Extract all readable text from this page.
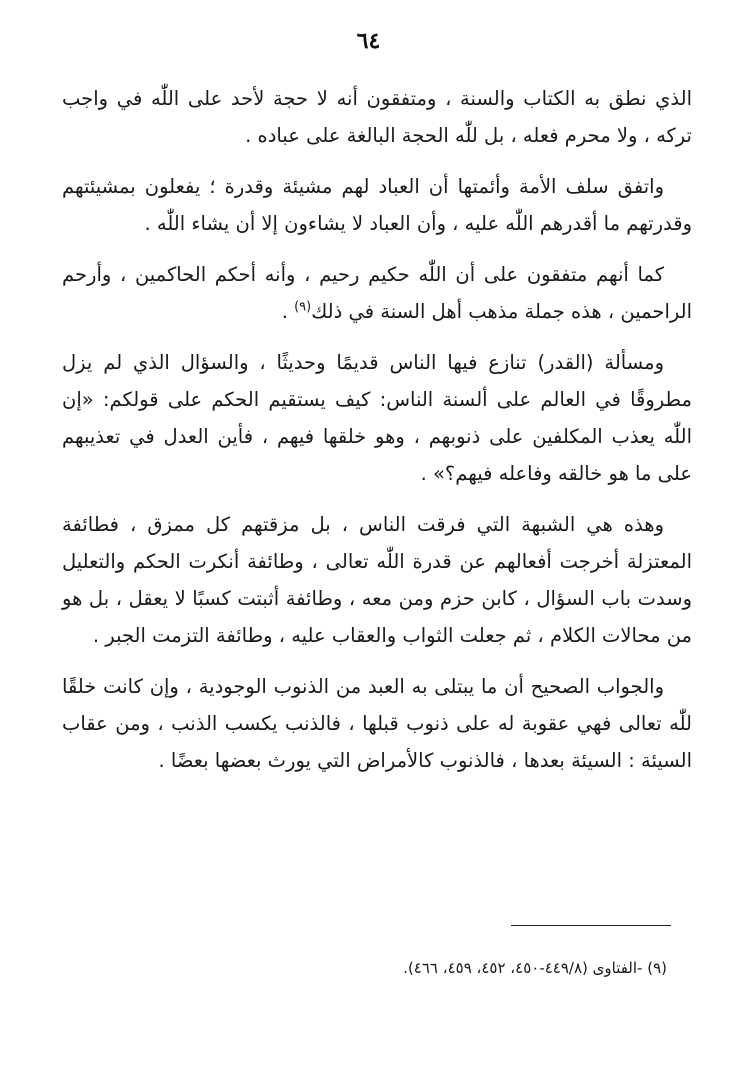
٦٤

الذي نطق به الكتاب والسنة ، ومتفقون أنه لا حجة لأحد على اللّٰه في واجب تركه ، ولا محرم فعله ، بل للّٰه الحجة البالغة على عباده .

واتفق سلف الأمة وأئمتها أن العباد لهم مشيئة وقدرة ؛ يفعلون بمشيئتهم وقدرتهم ما أقدرهم اللّٰه عليه ، وأن العباد لا يشاءون إلا أن يشاء اللّٰه .

كما أنهم متفقون على أن اللّٰه حكيم رحيم ، وأنه أحكم الحاكمين ، وأرحم الراحمين ، هذه جملة مذهب أهل السنة في ذلك$^{(٩)}$ .

ومسألة (القدر) تنازع فيها الناس قديمًا وحديثًا ، والسؤال الذي لم يزل مطروقًا في العالم على ألسنة الناس: كيف يستقيم الحكم على قولكم: «إن اللّٰه يعذب المكلفين على ذنوبهم ، وهو خلقها فيهم ، فأين العدل في تعذيبهم على ما هو خالقه وفاعله فيهم؟» .

وهذه هي الشبهة التي فرقت الناس ، بل مزقتهم كل ممزق ، فطائفة المعتزلة أخرجت أفعالهم عن قدرة اللّٰه تعالى ، وطائفة أنكرت الحكم والتعليل وسدت باب السؤال ، كابن حزم ومن معه ، وطائفة أثبتت كسبًا لا يعقل ، بل هو من محالات الكلام ، ثم جعلت الثواب والعقاب عليه ، وطائفة التزمت الجبر .

والجواب الصحيح أن ما يبتلى به العبد من الذنوب الوجودية ، وإن كانت خلقًا للّٰه تعالى فهي عقوبة له على ذنوب قبلها ، فالذنب يكسب الذنب ، ومن عقاب السيئة : السيئة بعدها ، فالذنوب كالأمراض التي يورث بعضها بعضًا .

(٩) -الفتاوى (٤٤٩/٨-٤٥٠، ٤٥٢، ٤٥٩، ٤٦٦).
